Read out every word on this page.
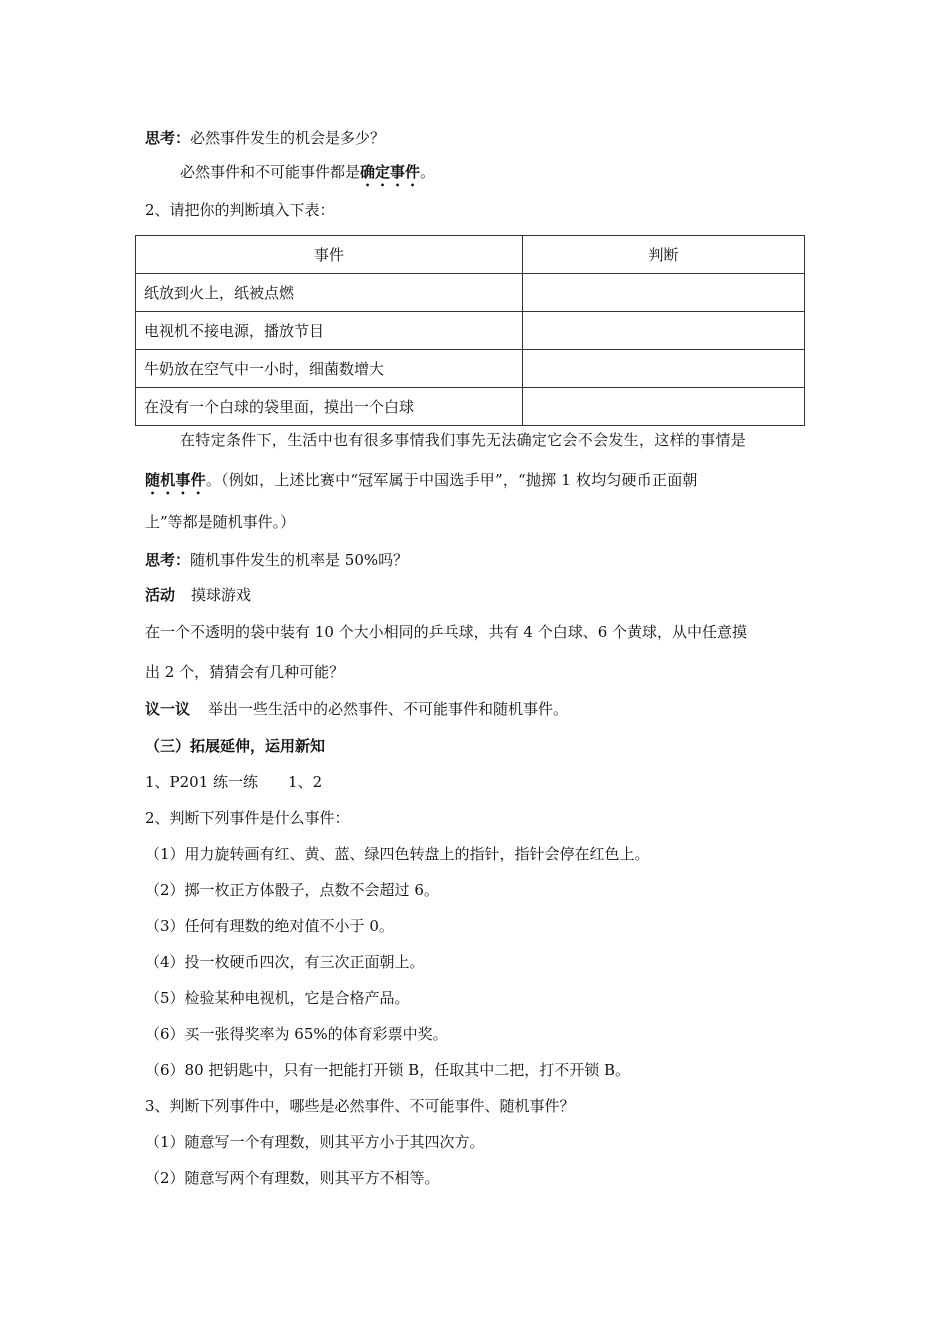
思考：必然事件发生的机会是多少？
必然事件和不可能事件都是确定事件。
2、请把你的判断填入下表：
事件	判断
纸放到火上，纸被点燃	
电视机不接电源，播放节目	
牛奶放在空气中一小时，细菌数增大	
在没有一个白球的袋里面，摸出一个白球	
在特定条件下，生活中也有很多事情我们事先无法确定它会不会发生，这样的事情是
随机事件。（例如，上述比赛中“冠军属于中国选手甲”，“抛掷 1 枚均匀硬币正面朝
上”等都是随机事件。）
思考：随机事件发生的机率是 50%吗？
活动 摸球游戏
在一个不透明的袋中装有 10 个大小相同的乒乓球，共有 4 个白球、6 个黄球，从中任意摸
出 2 个，猜猜会有几种可能？
议一议 举出一些生活中的必然事件、不可能事件和随机事件。
（三）拓展延伸，运用新知
1、P201 练一练　　1、2
2、判断下列事件是什么事件：
（1）用力旋转画有红、黄、蓝、绿四色转盘上的指针，指针会停在红色上。
（2）掷一枚正方体骰子，点数不会超过 6。
（3）任何有理数的绝对值不小于 0。
（4）投一枚硬币四次，有三次正面朝上。
（5）检验某种电视机，它是合格产品。
（6）买一张得奖率为 65%的体育彩票中奖。
（6）80 把钥匙中，只有一把能打开锁 B，任取其中二把，打不开锁 B。
3、判断下列事件中，哪些是必然事件、不可能事件、随机事件？
（1）随意写一个有理数，则其平方小于其四次方。
（2）随意写两个有理数，则其平方不相等。
